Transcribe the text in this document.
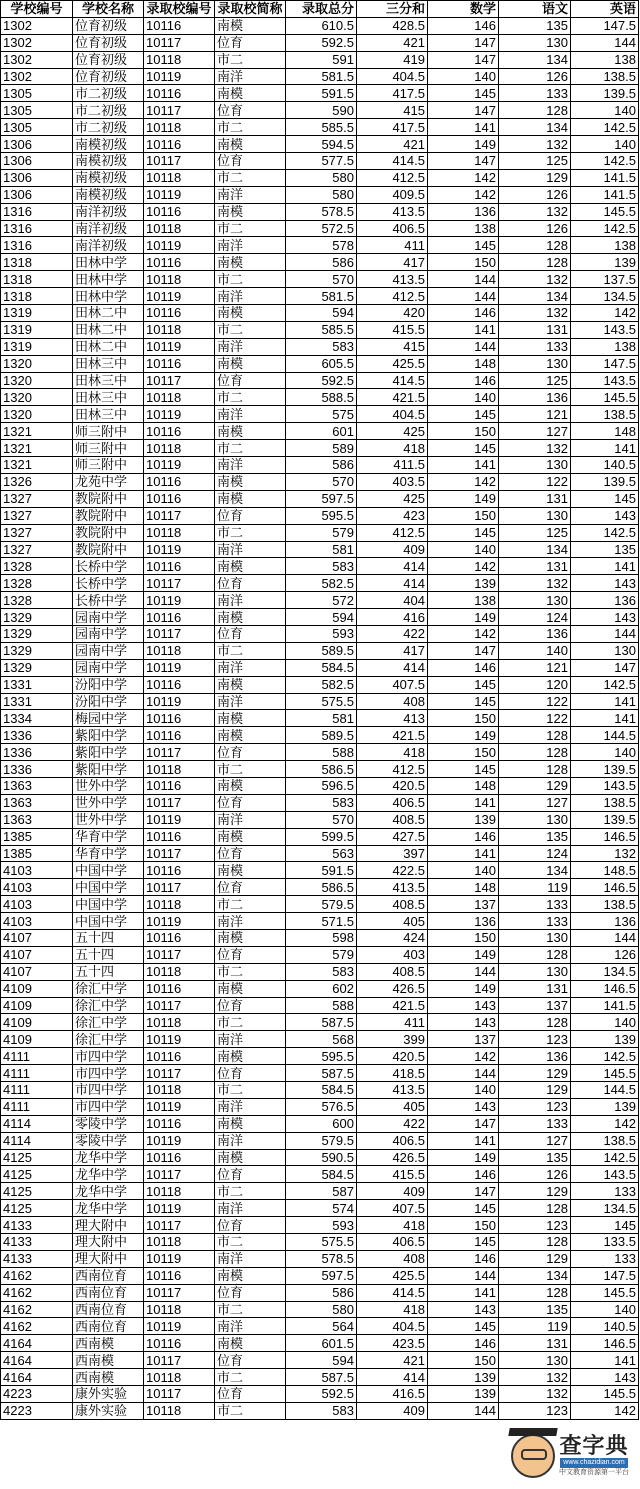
学校编号	学校名称	录取校编号	录取校简称	录取总分	三分和	数学	语文	英语
1302	位育初级	10116	南模	610.5	428.5	146	135	147.5
1302	位育初级	10117	位育	592.5	421	147	130	144
1302	位育初级	10118	市二	591	419	147	134	138
1302	位育初级	10119	南洋	581.5	404.5	140	126	138.5
1305	市二初级	10116	南模	591.5	417.5	145	133	139.5
1305	市二初级	10117	位育	590	415	147	128	140
1305	市二初级	10118	市二	585.5	417.5	141	134	142.5
1306	南模初级	10116	南模	594.5	421	149	132	140
1306	南模初级	10117	位育	577.5	414.5	147	125	142.5
1306	南模初级	10118	市二	580	412.5	142	129	141.5
1306	南模初级	10119	南洋	580	409.5	142	126	141.5
1316	南洋初级	10116	南模	578.5	413.5	136	132	145.5
1316	南洋初级	10118	市二	572.5	406.5	138	126	142.5
1316	南洋初级	10119	南洋	578	411	145	128	138
1318	田林中学	10116	南模	586	417	150	128	139
1318	田林中学	10118	市二	570	413.5	144	132	137.5
1318	田林中学	10119	南洋	581.5	412.5	144	134	134.5
1319	田林二中	10116	南模	594	420	146	132	142
1319	田林二中	10118	市二	585.5	415.5	141	131	143.5
1319	田林二中	10119	南洋	583	415	144	133	138
1320	田林三中	10116	南模	605.5	425.5	148	130	147.5
1320	田林三中	10117	位育	592.5	414.5	146	125	143.5
1320	田林三中	10118	市二	588.5	421.5	140	136	145.5
1320	田林三中	10119	南洋	575	404.5	145	121	138.5
1321	师三附中	10116	南模	601	425	150	127	148
1321	师三附中	10118	市二	589	418	145	132	141
1321	师三附中	10119	南洋	586	411.5	141	130	140.5
1326	龙苑中学	10116	南模	570	403.5	142	122	139.5
1327	教院附中	10116	南模	597.5	425	149	131	145
1327	教院附中	10117	位育	595.5	423	150	130	143
1327	教院附中	10118	市二	579	412.5	145	125	142.5
1327	教院附中	10119	南洋	581	409	140	134	135
1328	长桥中学	10116	南模	583	414	142	131	141
1328	长桥中学	10117	位育	582.5	414	139	132	143
1328	长桥中学	10119	南洋	572	404	138	130	136
1329	园南中学	10116	南模	594	416	149	124	143
1329	园南中学	10117	位育	593	422	142	136	144
1329	园南中学	10118	市二	589.5	417	147	140	130
1329	园南中学	10119	南洋	584.5	414	146	121	147
1331	汾阳中学	10116	南模	582.5	407.5	145	120	142.5
1331	汾阳中学	10119	南洋	575.5	408	145	122	141
1334	梅园中学	10116	南模	581	413	150	122	141
1336	紫阳中学	10116	南模	589.5	421.5	149	128	144.5
1336	紫阳中学	10117	位育	588	418	150	128	140
1336	紫阳中学	10118	市二	586.5	412.5	145	128	139.5
1363	世外中学	10116	南模	596.5	420.5	148	129	143.5
1363	世外中学	10117	位育	583	406.5	141	127	138.5
1363	世外中学	10119	南洋	570	408.5	139	130	139.5
1385	华育中学	10116	南模	599.5	427.5	146	135	146.5
1385	华育中学	10117	位育	563	397	141	124	132
4103	中国中学	10116	南模	591.5	422.5	140	134	148.5
4103	中国中学	10117	位育	586.5	413.5	148	119	146.5
4103	中国中学	10118	市二	579.5	408.5	137	133	138.5
4103	中国中学	10119	南洋	571.5	405	136	133	136
4107	五十四	10116	南模	598	424	150	130	144
4107	五十四	10117	位育	579	403	149	128	126
4107	五十四	10118	市二	583	408.5	144	130	134.5
4109	徐汇中学	10116	南模	602	426.5	149	131	146.5
4109	徐汇中学	10117	位育	588	421.5	143	137	141.5
4109	徐汇中学	10118	市二	587.5	411	143	128	140
4109	徐汇中学	10119	南洋	568	399	137	123	139
4111	市四中学	10116	南模	595.5	420.5	142	136	142.5
4111	市四中学	10117	位育	587.5	418.5	144	129	145.5
4111	市四中学	10118	市二	584.5	413.5	140	129	144.5
4111	市四中学	10119	南洋	576.5	405	143	123	139
4114	零陵中学	10116	南模	600	422	147	133	142
4114	零陵中学	10119	南洋	579.5	406.5	141	127	138.5
4125	龙华中学	10116	南模	590.5	426.5	149	135	142.5
4125	龙华中学	10117	位育	584.5	415.5	146	126	143.5
4125	龙华中学	10118	市二	587	409	147	129	133
4125	龙华中学	10119	南洋	574	407.5	145	128	134.5
4133	理大附中	10117	位育	593	418	150	123	145
4133	理大附中	10118	市二	575.5	406.5	145	128	133.5
4133	理大附中	10119	南洋	578.5	408	146	129	133
4162	西南位育	10116	南模	597.5	425.5	144	134	147.5
4162	西南位育	10117	位育	586	414.5	141	128	145.5
4162	西南位育	10118	市二	580	418	143	135	140
4162	西南位育	10119	南洋	564	404.5	145	119	140.5
4164	西南模	10116	南模	601.5	423.5	146	131	146.5
4164	西南模	10117	位育	594	421	150	130	141
4164	西南模	10118	市二	587.5	414	139	132	143
4223	康外实验	10117	位育	592.5	416.5	139	132	145.5
4223	康外实验	10118	市二	583	409	144	123	142
查字典
www.chazidian.com
中文教育资源第一平台
